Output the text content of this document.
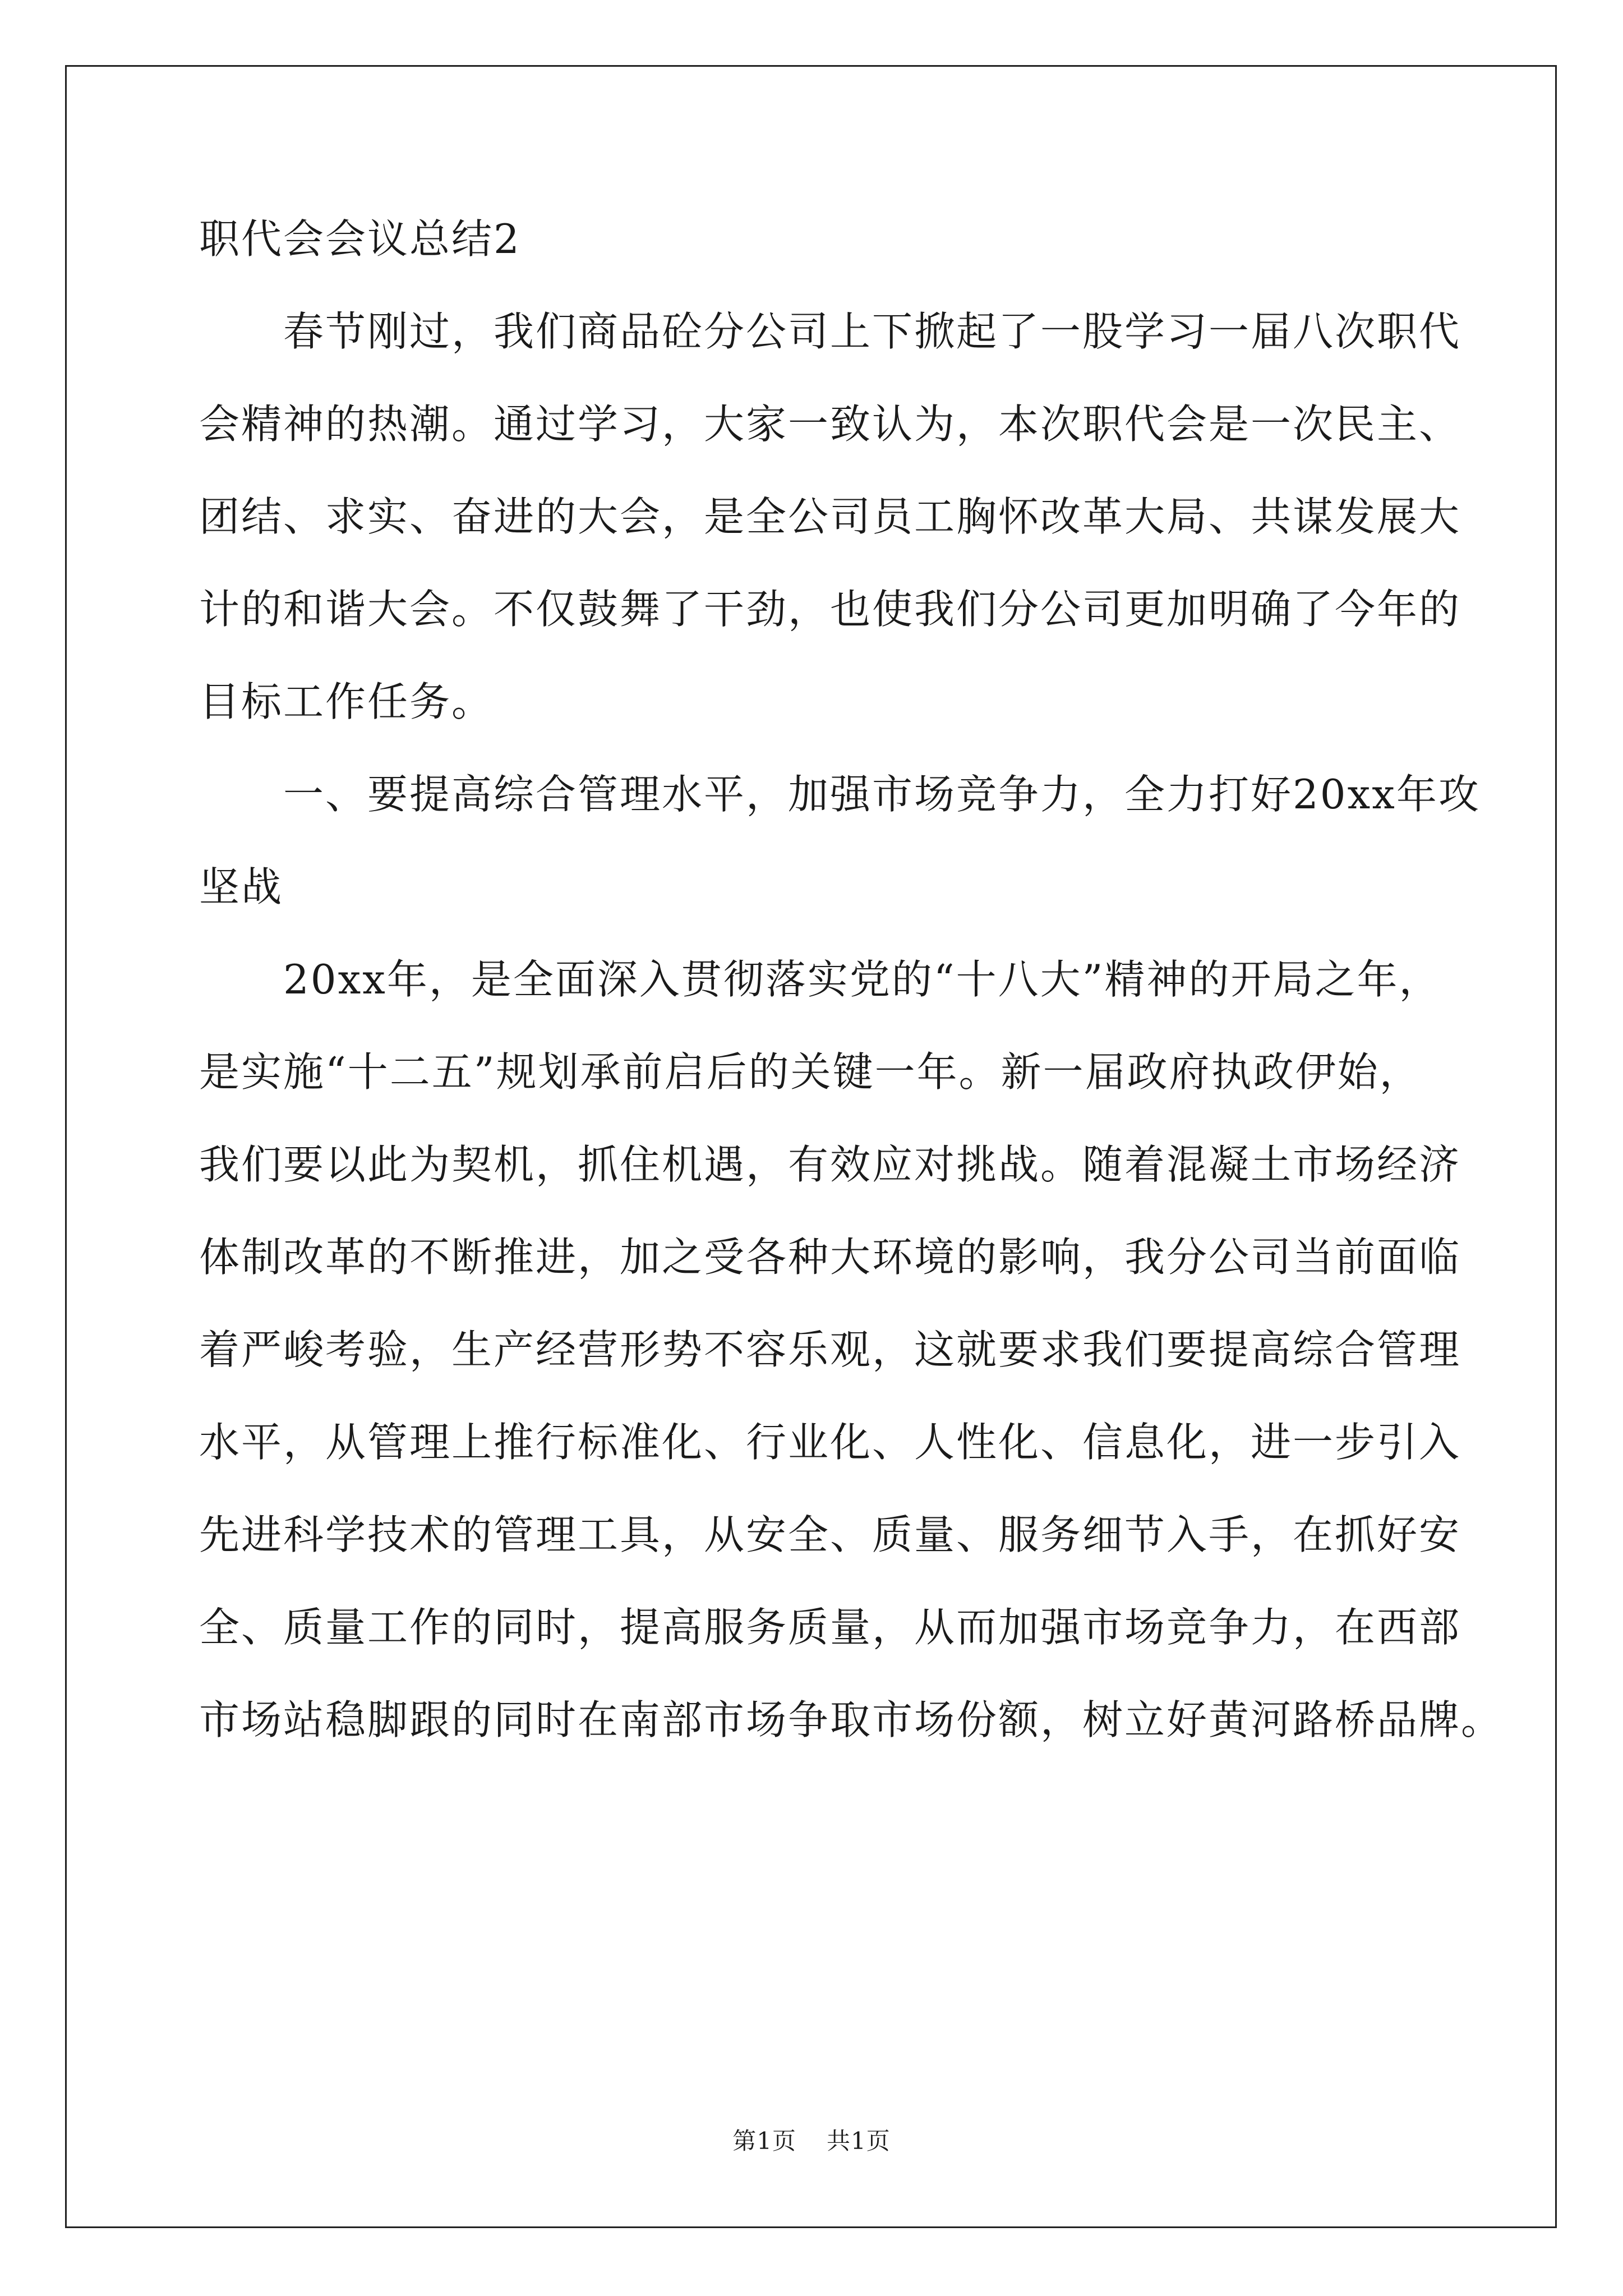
职代会会议总结2
春节刚过，我们商品砼分公司上下掀起了一股学习一届八次职代
会精神的热潮。通过学习，大家一致认为，本次职代会是一次民主、
团结、求实、奋进的大会，是全公司员工胸怀改革大局、共谋发展大
计的和谐大会。不仅鼓舞了干劲，也使我们分公司更加明确了今年的
目标工作任务。
一、要提高综合管理水平，加强市场竞争力，全力打好20xx年攻
坚战
20xx年，是全面深入贯彻落实党的“十八大”精神的开局之年，
是实施“十二五”规划承前启后的关键一年。新一届政府执政伊始，
我们要以此为契机，抓住机遇，有效应对挑战。随着混凝土市场经济
体制改革的不断推进，加之受各种大环境的影响，我分公司当前面临
着严峻考验，生产经营形势不容乐观，这就要求我们要提高综合管理
水平，从管理上推行标准化、行业化、人性化、信息化，进一步引入
先进科学技术的管理工具，从安全、质量、服务细节入手，在抓好安
全、质量工作的同时，提高服务质量，从而加强市场竞争力，在西部
市场站稳脚跟的同时在南部市场争取市场份额，树立好黄河路桥品牌。
第1页 共1页
